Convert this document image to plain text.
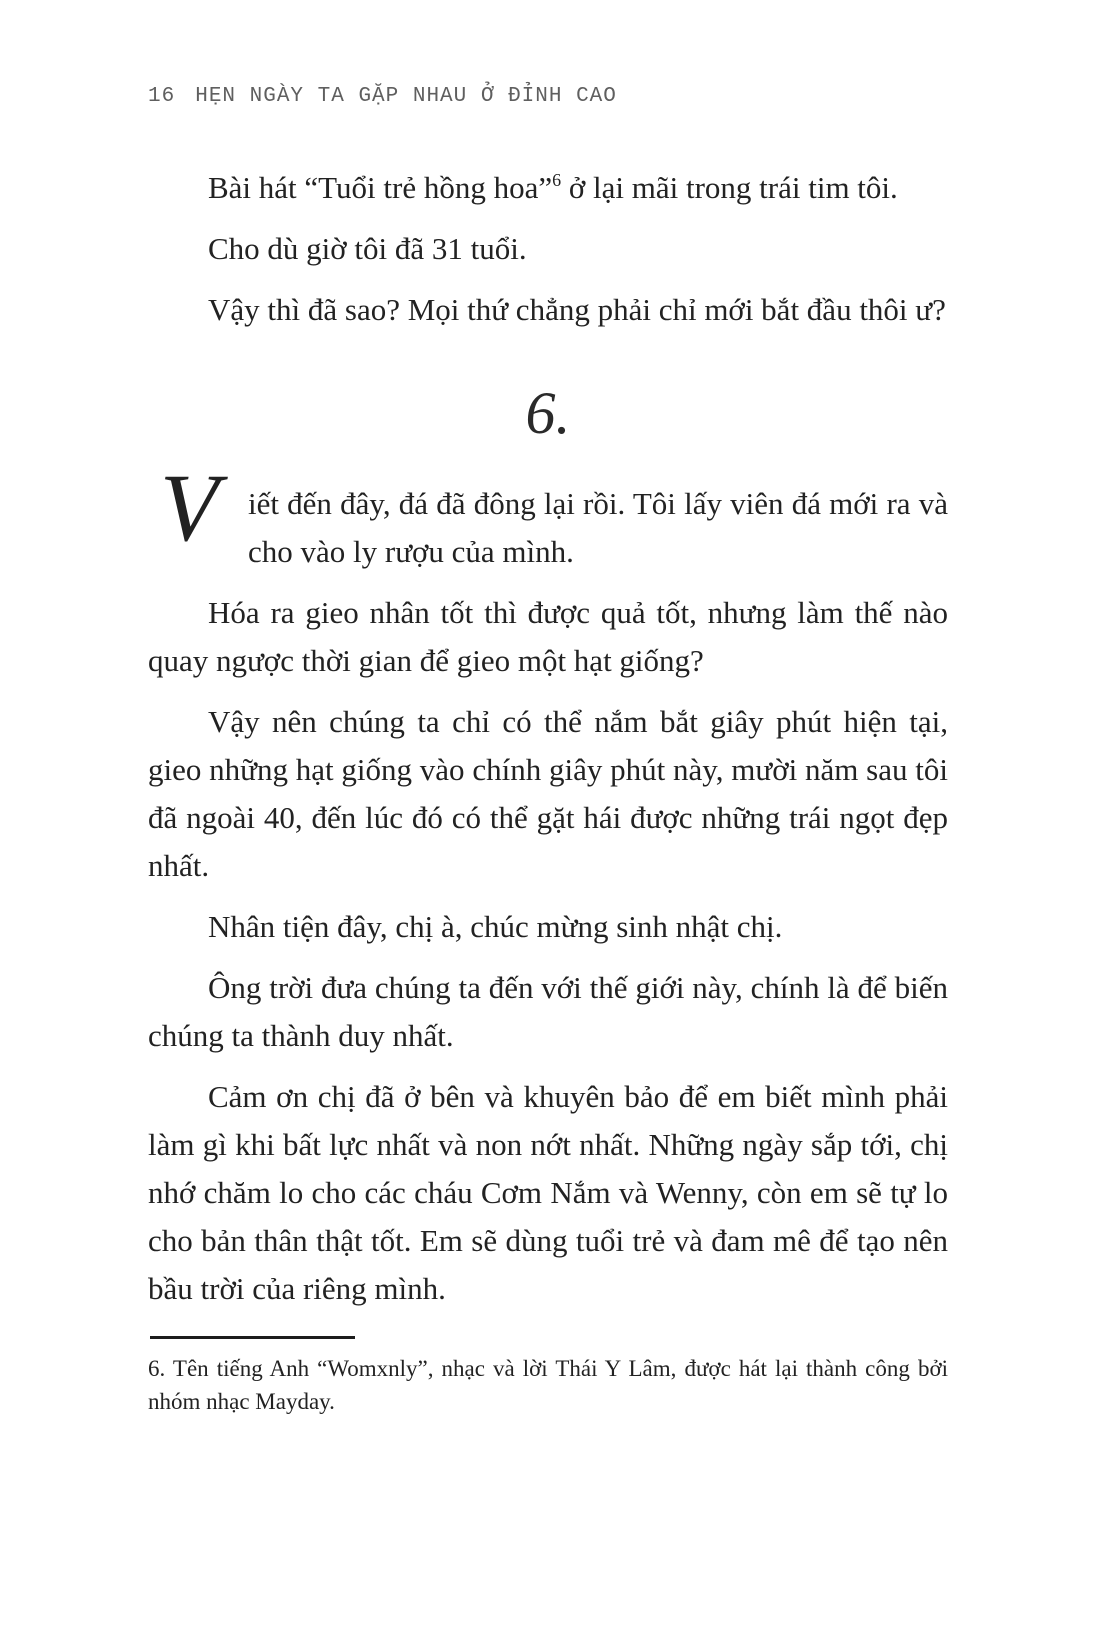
16 HẸN NGÀY TA GẶP NHAU Ở ĐỈNH CAO

Bài hát “Tuổi trẻ hồng hoa”$^6$ ở lại mãi trong trái tim tôi.

Cho dù giờ tôi đã 31 tuổi.

Vậy thì đã sao? Mọi thứ chẳng phải chỉ mới bắt đầu thôi ư?

6.

Viết đến đây, đá đã đông lại rồi. Tôi lấy viên đá mới ra và cho vào ly rượu của mình.

Hóa ra gieo nhân tốt thì được quả tốt, nhưng làm thế nào quay ngược thời gian để gieo một hạt giống?

Vậy nên chúng ta chỉ có thể nắm bắt giây phút hiện tại, gieo những hạt giống vào chính giây phút này, mười năm sau tôi đã ngoài 40, đến lúc đó có thể gặt hái được những trái ngọt đẹp nhất.

Nhân tiện đây, chị à, chúc mừng sinh nhật chị.

Ông trời đưa chúng ta đến với thế giới này, chính là để biến chúng ta thành duy nhất.

Cảm ơn chị đã ở bên và khuyên bảo để em biết mình phải làm gì khi bất lực nhất và non nớt nhất. Những ngày sắp tới, chị nhớ chăm lo cho các cháu Cơm Nắm và Wenny, còn em sẽ tự lo cho bản thân thật tốt. Em sẽ dùng tuổi trẻ và đam mê để tạo nên bầu trời của riêng mình.

6. Tên tiếng Anh “Womxnly”, nhạc và lời Thái Y Lâm, được hát lại thành công bởi nhóm nhạc Mayday.
